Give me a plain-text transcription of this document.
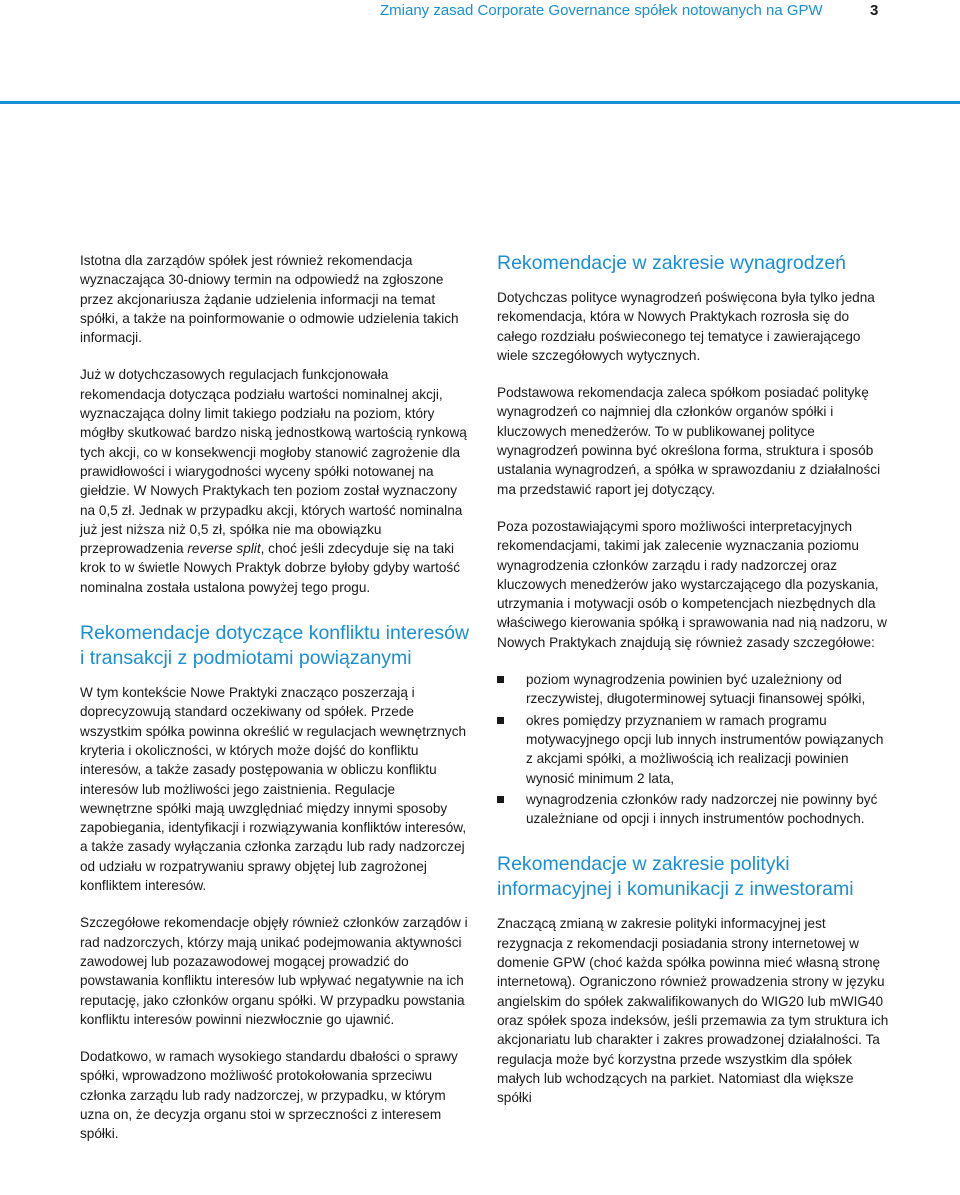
Zmiany zasad Corporate Governance spółek notowanych na GPW	3

Istotna dla zarządów spółek jest również rekomendacja wyznaczająca 30-dniowy termin na odpowiedź na zgłoszone przez akcjonariusza żądanie udzielenia informacji na temat spółki, a także na poinformowanie o odmowie udzielenia takich informacji.

Już w dotychczasowych regulacjach funkcjonowała rekomendacja dotycząca podziału wartości nominalnej akcji, wyznaczająca dolny limit takiego podziału na poziom, który mógłby skutkować bardzo niską jednostkową wartością rynkową tych akcji, co w konsekwencji mogłoby stanowić zagrożenie dla prawidłowości i wiarygodności wyceny spółki notowanej na giełdzie. W Nowych Praktykach ten poziom został wyznaczony na 0,5 zł. Jednak w przypadku akcji, których wartość nominalna już jest niższa niż 0,5 zł, spółka nie ma obowiązku przeprowadzenia reverse split, choć jeśli zdecyduje się na taki krok to w świetle Nowych Praktyk dobrze byłoby gdyby wartość nominalna została ustalona powyżej tego progu.

Rekomendacje dotyczące konfliktu interesów i transakcji z podmiotami powiązanymi

W tym kontekście Nowe Praktyki znacząco poszerzają i doprecyzowują standard oczekiwany od spółek. Przede wszystkim spółka powinna określić w regulacjach wewnętrznych kryteria i okoliczności, w których może dojść do konfliktu interesów, a także zasady postępowania w obliczu konfliktu interesów lub możliwości jego zaistnienia. Regulacje wewnętrzne spółki mają uwzględniać między innymi sposoby zapobiegania, identyfikacji i rozwiązywania konfliktów interesów, a także zasady wyłączania członka zarządu lub rady nadzorczej od udziału w rozpatrywaniu sprawy objętej lub zagrożonej konfliktem interesów.

Szczegółowe rekomendacje objęły również członków zarządów i rad nadzorczych, którzy mają unikać podejmowania aktywności zawodowej lub pozazawodowej mogącej prowadzić do powstawania konfliktu interesów lub wpływać negatywnie na ich reputację, jako członków organu spółki. W przypadku powstania konfliktu interesów powinni niezwłocznie go ujawnić.

Dodatkowo, w ramach wysokiego standardu dbałości o sprawy spółki, wprowadzono możliwość protokołowania sprzeciwu członka zarządu lub rady nadzorczej, w przypadku, w którym uzna on, że decyzja organu stoi w sprzeczności z interesem spółki.

Rekomendacje w zakresie wynagrodzeń

Dotychczas polityce wynagrodzeń poświęcona była tylko jedna rekomendacja, która w Nowych Praktykach rozrosła się do całego rozdziału poświeconego tej tematyce i zawierającego wiele szczegółowych wytycznych.

Podstawowa rekomendacja zaleca spółkom posiadać politykę wynagrodzeń co najmniej dla członków organów spółki i kluczowych menedżerów. To w publikowanej polityce wynagrodzeń powinna być określona forma, struktura i sposób ustalania wynagrodzeń, a spółka w sprawozdaniu z działalności ma przedstawić raport jej dotyczący.

Poza pozostawiającymi sporo możliwości interpretacyjnych rekomendacjami, takimi jak zalecenie wyznaczania poziomu wynagrodzenia członków zarządu i rady nadzorczej oraz kluczowych menedżerów jako wystarczającego dla pozyskania, utrzymania i motywacji osób o kompetencjach niezbędnych dla właściwego kierowania spółką i sprawowania nad nią nadzoru, w Nowych Praktykach znajdują się również zasady szczegółowe:

poziom wynagrodzenia powinien być uzależniony od rzeczywistej, długoterminowej sytuacji finansowej spółki,
okres pomiędzy przyznaniem w ramach programu motywacyjnego opcji lub innych instrumentów powiązanych z akcjami spółki, a możliwością ich realizacji powinien wynosić minimum 2 lata,
wynagrodzenia członków rady nadzorczej nie powinny być uzależniane od opcji i innych instrumentów pochodnych.
Rekomendacje w zakresie polityki informacyjnej i komunikacji z inwestorami

Znaczącą zmianą w zakresie polityki informacyjnej jest rezygnacja z rekomendacji posiadania strony internetowej w domenie GPW (choć każda spółka powinna mieć własną stronę internetową). Ograniczono również prowadzenia strony w języku angielskim do spółek zakwalifikowanych do WIG20 lub mWIG40 oraz spółek spoza indeksów, jeśli przemawia za tym struktura ich akcjonariatu lub charakter i zakres prowadzonej działalności. Ta regulacja może być korzystna przede wszystkim dla spółek małych lub wchodzących na parkiet. Natomiast dla większe spółki
